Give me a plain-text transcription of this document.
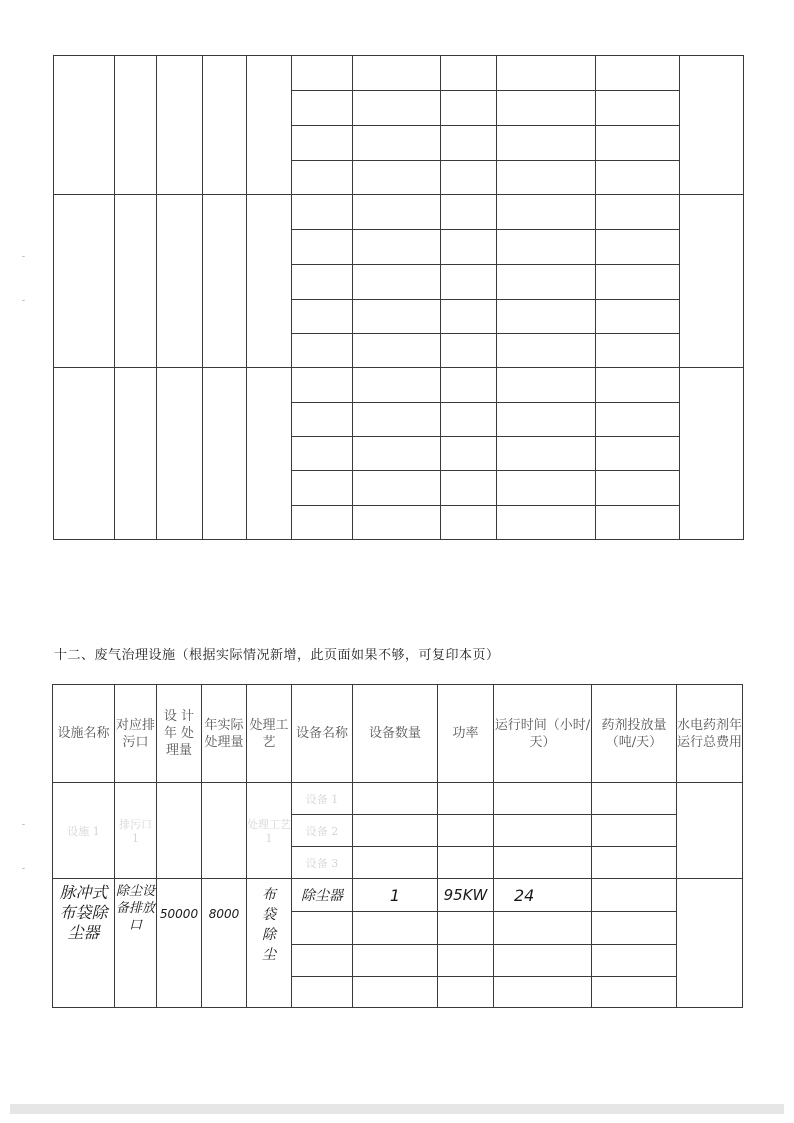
-
-
-
-

十二、废气治理设施（根据实际情况新增，此页面如果不够，可复印本页）
设施名称	对应排污口	设 计 年 处 理量	年实际处理量	处理工艺	设备名称	设备数量	功率	运行时间（小时/天）	药剂投放量（吨/天）	水电药剂年运行总费用
设施 1	排污口 1			处理工艺 1	设备 1					
					设备 2					
					设备 3					
脉冲式布袋除尘器	除尘设备排放口	50000	8000	布袋除尘	除尘器	1	95KW	24		
